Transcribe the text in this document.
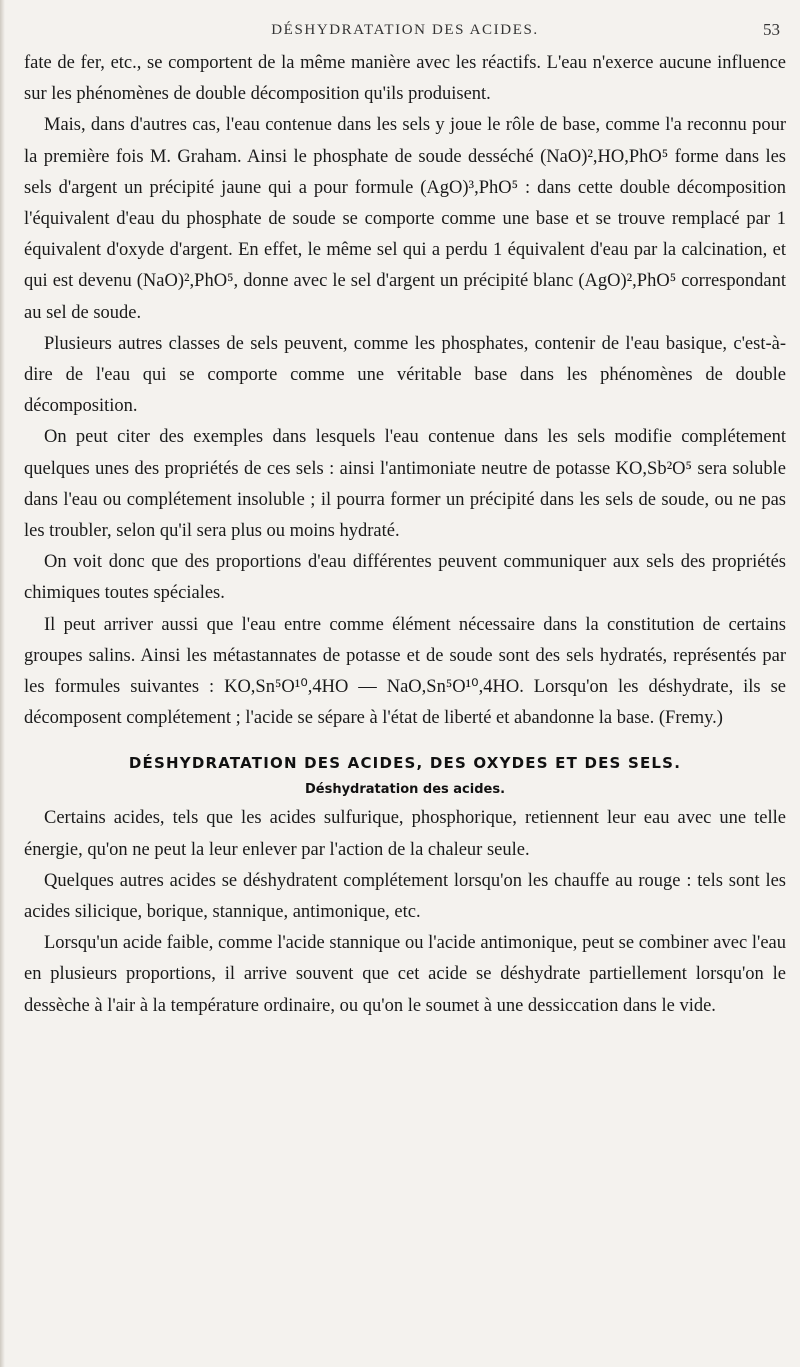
DÉSHYDRATATION DES ACIDES.	53

fate de fer, etc., se comportent de la même manière avec les réactifs. L'eau n'exerce aucune influence sur les phénomènes de double décomposition qu'ils produisent.

Mais, dans d'autres cas, l'eau contenue dans les sels y joue le rôle de base, comme l'a reconnu pour la première fois M. Graham. Ainsi le phosphate de soude desséché (NaO)²,HO,PhO⁵ forme dans les sels d'argent un précipité jaune qui a pour formule (AgO)³,PhO⁵ : dans cette double décomposition l'équivalent d'eau du phosphate de soude se comporte comme une base et se trouve remplacé par 1 équivalent d'oxyde d'argent. En effet, le même sel qui a perdu 1 équivalent d'eau par la calcination, et qui est devenu (NaO)²,PhO⁵, donne avec le sel d'argent un précipité blanc (AgO)²,PhO⁵ correspondant au sel de soude.

Plusieurs autres classes de sels peuvent, comme les phosphates, contenir de l'eau basique, c'est-à-dire de l'eau qui se comporte comme une véritable base dans les phénomènes de double décomposition.

On peut citer des exemples dans lesquels l'eau contenue dans les sels modifie complétement quelques unes des propriétés de ces sels : ainsi l'antimoniate neutre de potasse KO,Sb²O⁵ sera soluble dans l'eau ou complétement insoluble ; il pourra former un précipité dans les sels de soude, ou ne pas les troubler, selon qu'il sera plus ou moins hydraté.

On voit donc que des proportions d'eau différentes peuvent communiquer aux sels des propriétés chimiques toutes spéciales.

Il peut arriver aussi que l'eau entre comme élément nécessaire dans la constitution de certains groupes salins. Ainsi les métastannates de potasse et de soude sont des sels hydratés, représentés par les formules suivantes : KO,Sn⁵O¹⁰,4HO — NaO,Sn⁵O¹⁰,4HO. Lorsqu'on les déshydrate, ils se décomposent complétement ; l'acide se sépare à l'état de liberté et abandonne la base. (Fremy.)

DÉSHYDRATATION DES ACIDES, DES OXYDES ET DES SELS.
Déshydratation des acides.

Certains acides, tels que les acides sulfurique, phosphorique, retiennent leur eau avec une telle énergie, qu'on ne peut la leur enlever par l'action de la chaleur seule.

Quelques autres acides se déshydratent complétement lorsqu'on les chauffe au rouge : tels sont les acides silicique, borique, stannique, antimonique, etc.

Lorsqu'un acide faible, comme l'acide stannique ou l'acide antimonique, peut se combiner avec l'eau en plusieurs proportions, il arrive souvent que cet acide se déshydrate partiellement lorsqu'on le dessèche à l'air à la température ordinaire, ou qu'on le soumet à une dessiccation dans le vide.
